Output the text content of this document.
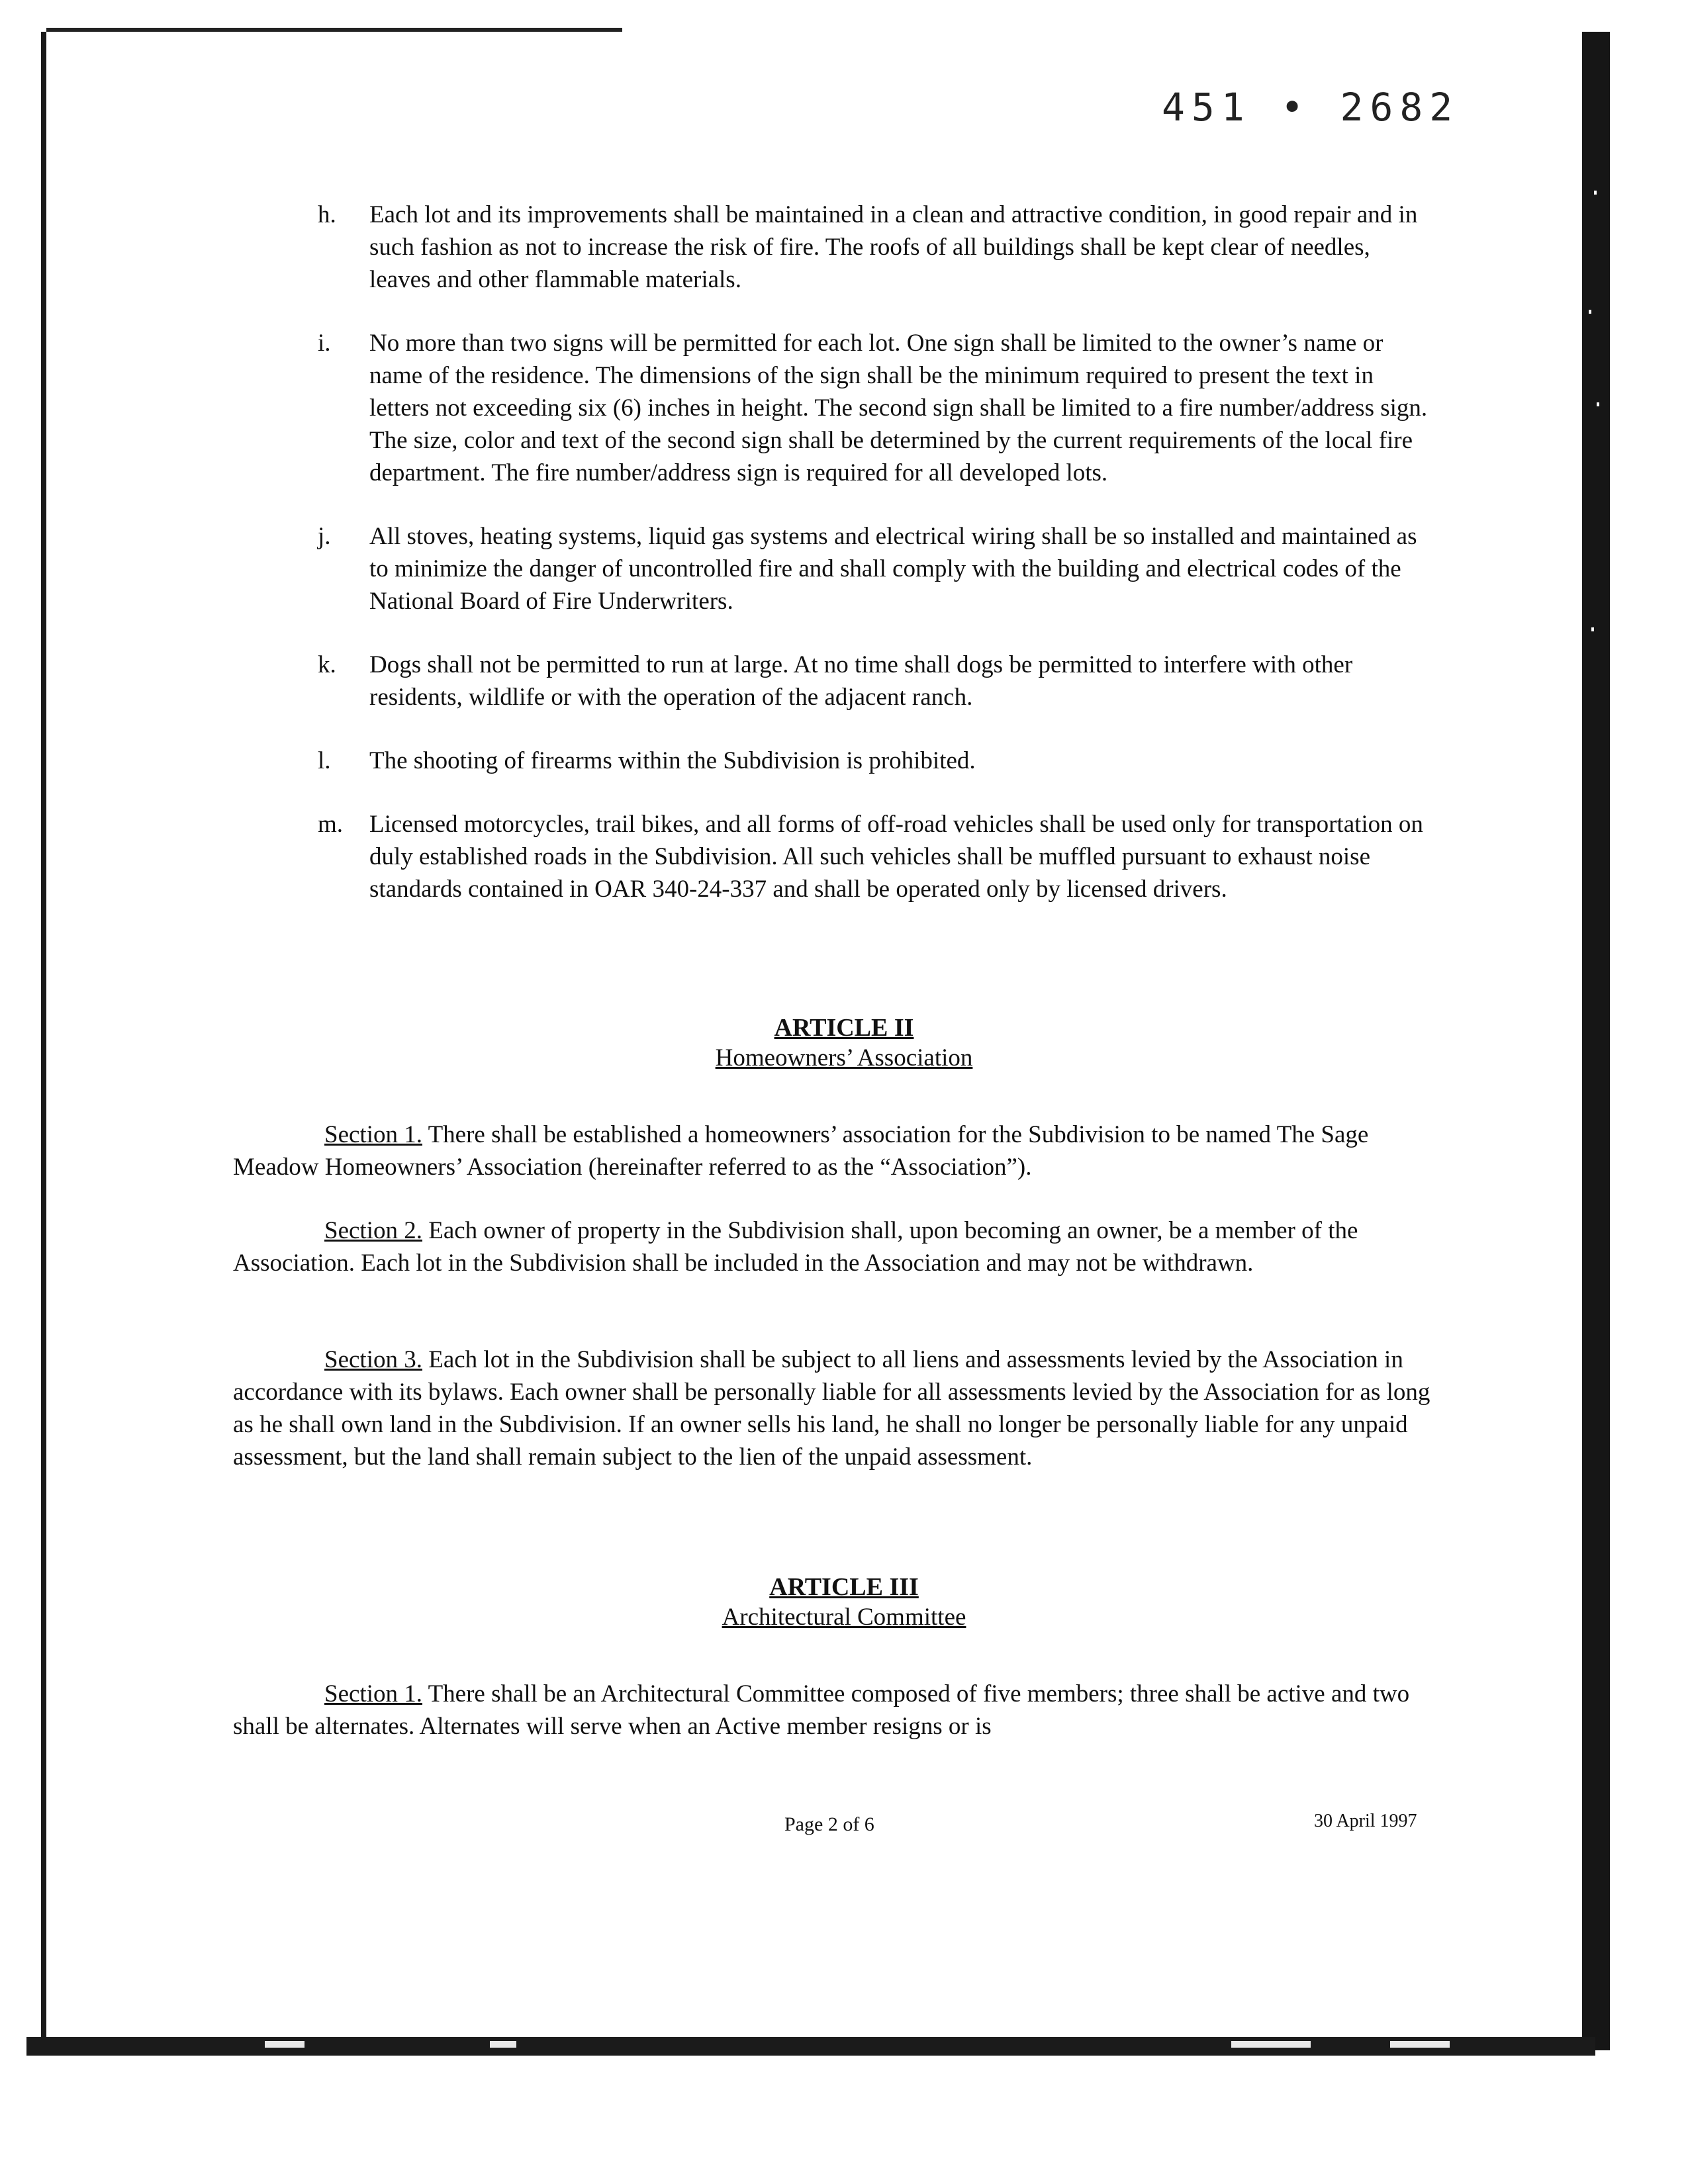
451 • 2682
h. Each lot and its improvements shall be maintained in a clean and attractive condition, in good repair and in such fashion as not to increase the risk of fire. The roofs of all buildings shall be kept clear of needles, leaves and other flammable materials.
i. No more than two signs will be permitted for each lot. One sign shall be limited to the owner’s name or name of the residence. The dimensions of the sign shall be the minimum required to present the text in letters not exceeding six (6) inches in height. The second sign shall be limited to a fire number/address sign. The size, color and text of the second sign shall be determined by the current requirements of the local fire department. The fire number/address sign is required for all developed lots.
j. All stoves, heating systems, liquid gas systems and electrical wiring shall be so installed and maintained as to minimize the danger of uncontrolled fire and shall comply with the building and electrical codes of the National Board of Fire Underwriters.
k. Dogs shall not be permitted to run at large. At no time shall dogs be permitted to interfere with other residents, wildlife or with the operation of the adjacent ranch.
l. The shooting of firearms within the Subdivision is prohibited.
m. Licensed motorcycles, trail bikes, and all forms of off-road vehicles shall be used only for transportation on duly established roads in the Subdivision. All such vehicles shall be muffled pursuant to exhaust noise standards contained in OAR 340-24-337 and shall be operated only by licensed drivers.
ARTICLE II
Homeowners’ Association
Section 1. There shall be established a homeowners’ association for the Subdivision to be named The Sage Meadow Homeowners’ Association (hereinafter referred to as the “Association”).
Section 2. Each owner of property in the Subdivision shall, upon becoming an owner, be a member of the Association. Each lot in the Subdivision shall be included in the Association and may not be withdrawn.
Section 3. Each lot in the Subdivision shall be subject to all liens and assessments levied by the Association in accordance with its bylaws. Each owner shall be personally liable for all assessments levied by the Association for as long as he shall own land in the Subdivision. If an owner sells his land, he shall no longer be personally liable for any unpaid assessment, but the land shall remain subject to the lien of the unpaid assessment.
ARTICLE III
Architectural Committee
Section 1. There shall be an Architectural Committee composed of five members; three shall be active and two shall be alternates. Alternates will serve when an Active member resigns or is
Page 2 of 6	30 April 1997
